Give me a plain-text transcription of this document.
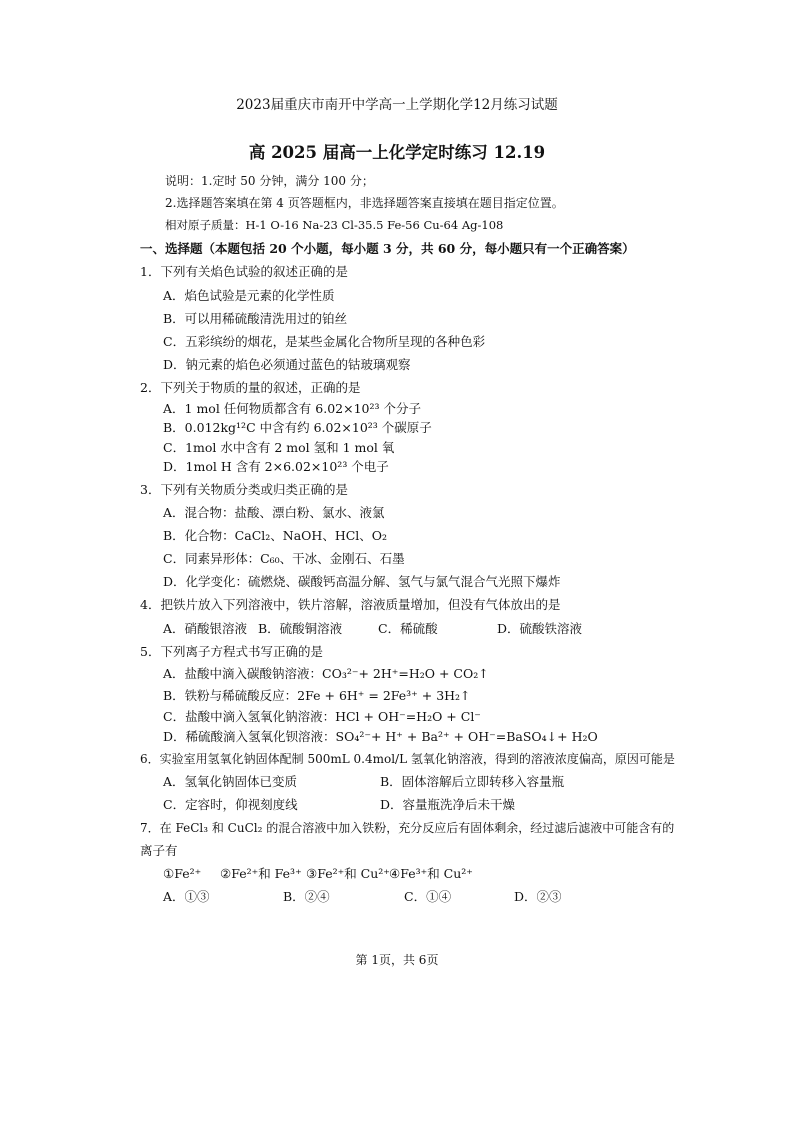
2023届重庆市南开中学高一上学期化学12月练习试题
高 2025 届高一上化学定时练习 12.19
说明：1.定时 50 分钟，满分 100 分；
2.选择题答案填在第 4 页答题框内，非选择题答案直接填在题目指定位置。
相对原子质量：H-1 O-16 Na-23 Cl-35.5 Fe-56 Cu-64 Ag-108
一、选择题（本题包括 20 个小题，每小题 3 分，共 60 分，每小题只有一个正确答案）
1．下列有关焰色试验的叙述正确的是
A．焰色试验是元素的化学性质
B．可以用稀硫酸清洗用过的铂丝
C．五彩缤纷的烟花，是某些金属化合物所呈现的各种色彩
D．钠元素的焰色必须通过蓝色的钴玻璃观察
2．下列关于物质的量的叙述，正确的是
A．1 mol 任何物质都含有 6.02×10²³ 个分子
B．0.012kg¹²C 中含有约 6.02×10²³ 个碳原子
C．1mol 水中含有 2 mol 氢和 1 mol 氧
D．1mol H 含有 2×6.02×10²³ 个电子
3．下列有关物质分类或归类正确的是
A．混合物：盐酸、漂白粉、氯水、液氯
B．化合物：CaCl₂、NaOH、HCl、O₂
C．同素异形体：C₆₀、干冰、金刚石、石墨
D．化学变化：硫燃烧、碳酸钙高温分解、氢气与氯气混合气光照下爆炸
4．把铁片放入下列溶液中，铁片溶解，溶液质量增加，但没有气体放出的是
A．硝酸银溶液 B．硫酸铜溶液	C．稀硫酸	D．硫酸铁溶液
5．下列离子方程式书写正确的是
A．盐酸中滴入碳酸钠溶液：CO₃²⁻+ 2H⁺=H₂O + CO₂↑
B．铁粉与稀硫酸反应：2Fe + 6H⁺ = 2Fe³⁺ + 3H₂↑
C．盐酸中滴入氢氧化钠溶液：HCl + OH⁻=H₂O + Cl⁻
D．稀硫酸滴入氢氧化钡溶液：SO₄²⁻+ H⁺ + Ba²⁺ + OH⁻=BaSO₄↓+ H₂O
6．实验室用氢氧化钠固体配制 500mL 0.4mol/L 氢氧化钠溶液，得到的溶液浓度偏高，原因可能是
A．氢氧化钠固体已变质	B．固体溶解后立即转移入容量瓶
C．定容时，仰视刻度线	D．容量瓶洗净后未干燥
7．在 FeCl₃ 和 CuCl₂ 的混合溶液中加入铁粉，充分反应后有固体剩余，经过滤后滤液中可能含有的
离子有
①Fe²⁺ ②Fe²⁺和 Fe³⁺ ③Fe²⁺和 Cu²⁺ ④Fe³⁺和 Cu²⁺
A．①③	B．②④	C．①④	D．②③
第 1页，共 6页
